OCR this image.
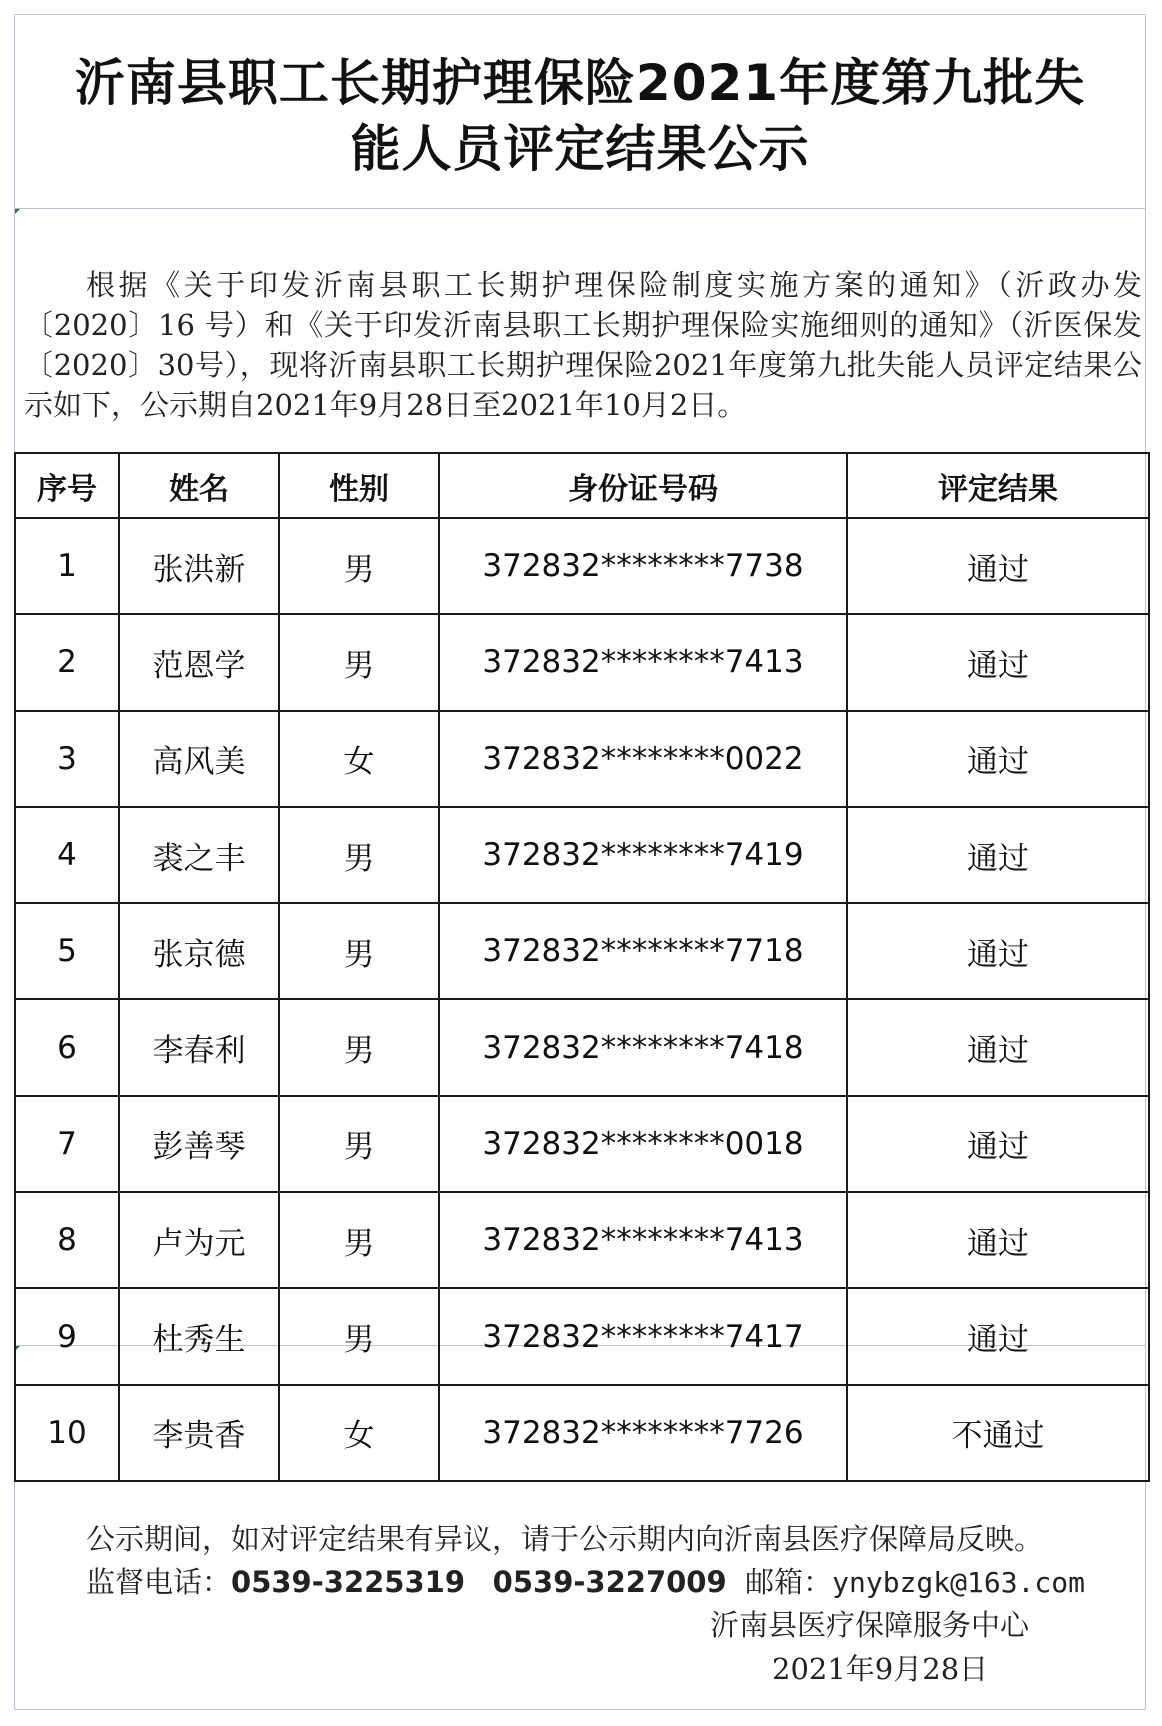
沂南县职工长期护理保险2021年度第九批失
能人员评定结果公示

根据《关于印发沂南县职工长期护理保险制度实施方案的通知》（沂政办发〔2020〕16 号）和《关于印发沂南县职工长期护理保险实施细则的通知》（沂医保发〔2020〕30号），现将沂南县职工长期护理保险2021年度第九批失能人员评定结果公示如下，公示期自2021年9月28日至2021年10月2日。

序号	姓名	性别	身份证号码	评定结果
1	张洪新	男	372832********7738	通过
2	范恩学	男	372832********7413	通过
3	高风美	女	372832********0022	通过
4	裘之丰	男	372832********7419	通过
5	张京德	男	372832********7718	通过
6	李春利	男	372832********7418	通过
7	彭善琴	男	372832********0018	通过
8	卢为元	男	372832********7413	通过
9	杜秀生	男	372832********7417	通过
10	李贵香	女	372832********7726	不通过
公示期间，如对评定结果有异议，请于公示期内向沂南县医疗保障局反映。
监督电话：0539-3225319 0539-3227009 邮箱：ynybzgk@163.com
沂南县医疗保障服务中心
2021年9月28日
